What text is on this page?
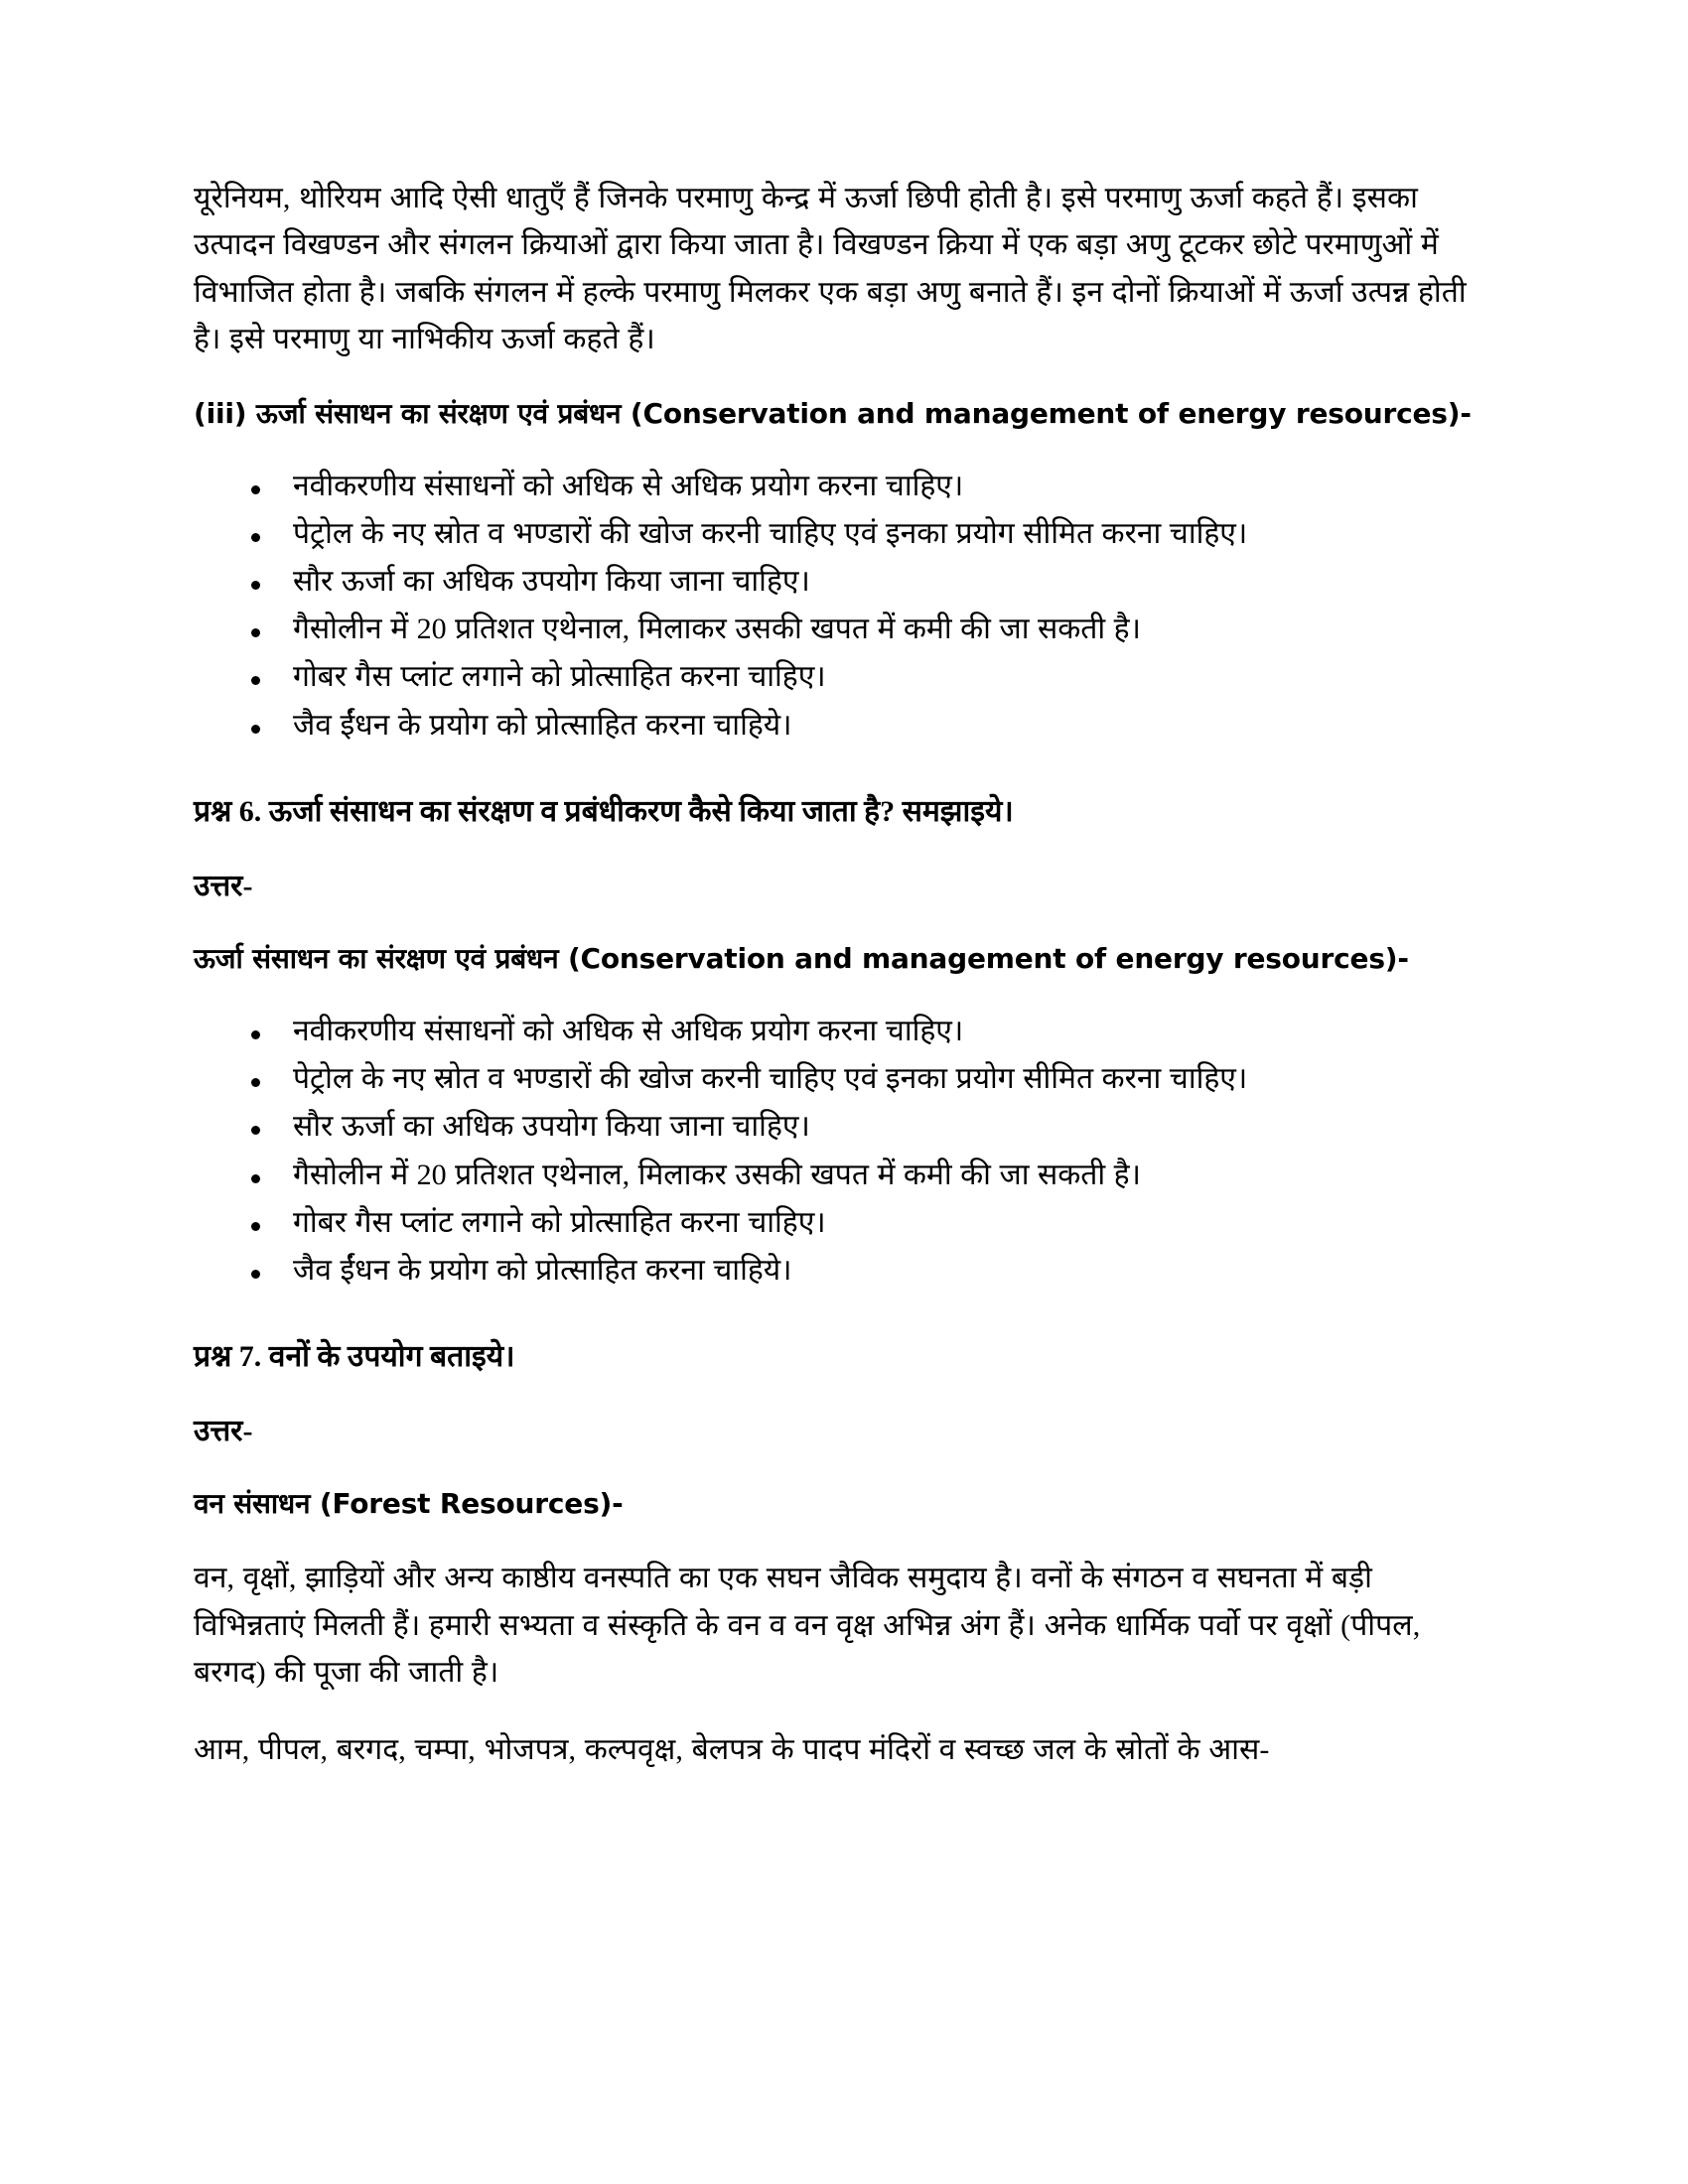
यूरेनियम, थोरियम आदि ऐसी धातुएँ हैं जिनके परमाणु केन्द्र में ऊर्जा छिपी होती है। इसे परमाणु ऊर्जा कहते हैं। इसका उत्पादन विखण्डन और संगलन क्रियाओं द्वारा किया जाता है। विखण्डन क्रिया में एक बड़ा अणु टूटकर छोटे परमाणुओं में विभाजित होता है। जबकि संगलन में हल्के परमाणु मिलकर एक बड़ा अणु बनाते हैं। इन दोनों क्रियाओं में ऊर्जा उत्पन्न होती है। इसे परमाणु या नाभिकीय ऊर्जा कहते हैं।

(iii) ऊर्जा संसाधन का संरक्षण एवं प्रबंधन (Conservation and management of energy resources)-

नवीकरणीय संसाधनों को अधिक से अधिक प्रयोग करना चाहिए।
पेट्रोल के नए स्रोत व भण्डारों की खोज करनी चाहिए एवं इनका प्रयोग सीमित करना चाहिए।
सौर ऊर्जा का अधिक उपयोग किया जाना चाहिए।
गैसोलीन में 20 प्रतिशत एथेनाल, मिलाकर उसकी खपत में कमी की जा सकती है।
गोबर गैस प्लांट लगाने को प्रोत्साहित करना चाहिए।
जैव ईंधन के प्रयोग को प्रोत्साहित करना चाहिये।

प्रश्न 6. ऊर्जा संसाधन का संरक्षण व प्रबंधीकरण कैसे किया जाता है? समझाइये।

उत्तर-

ऊर्जा संसाधन का संरक्षण एवं प्रबंधन (Conservation and management of energy resources)-

नवीकरणीय संसाधनों को अधिक से अधिक प्रयोग करना चाहिए।
पेट्रोल के नए स्रोत व भण्डारों की खोज करनी चाहिए एवं इनका प्रयोग सीमित करना चाहिए।
सौर ऊर्जा का अधिक उपयोग किया जाना चाहिए।
गैसोलीन में 20 प्रतिशत एथेनाल, मिलाकर उसकी खपत में कमी की जा सकती है।
गोबर गैस प्लांट लगाने को प्रोत्साहित करना चाहिए।
जैव ईंधन के प्रयोग को प्रोत्साहित करना चाहिये।

प्रश्न 7. वनों के उपयोग बताइये।

उत्तर-

वन संसाधन (Forest Resources)-

वन, वृक्षों, झाड़ियों और अन्य काष्ठीय वनस्पति का एक सघन जैविक समुदाय है। वनों के संगठन व सघनता में बड़ी विभिन्नताएं मिलती हैं। हमारी सभ्यता व संस्कृति के वन व वन वृक्ष अभिन्न अंग हैं। अनेक धार्मिक पर्वो पर वृक्षों (पीपल, बरगद) की पूजा की जाती है।

आम, पीपल, बरगद, चम्पा, भोजपत्र, कल्पवृक्ष, बेलपत्र के पादप मंदिरों व स्वच्छ जल के स्रोतों के आस-
